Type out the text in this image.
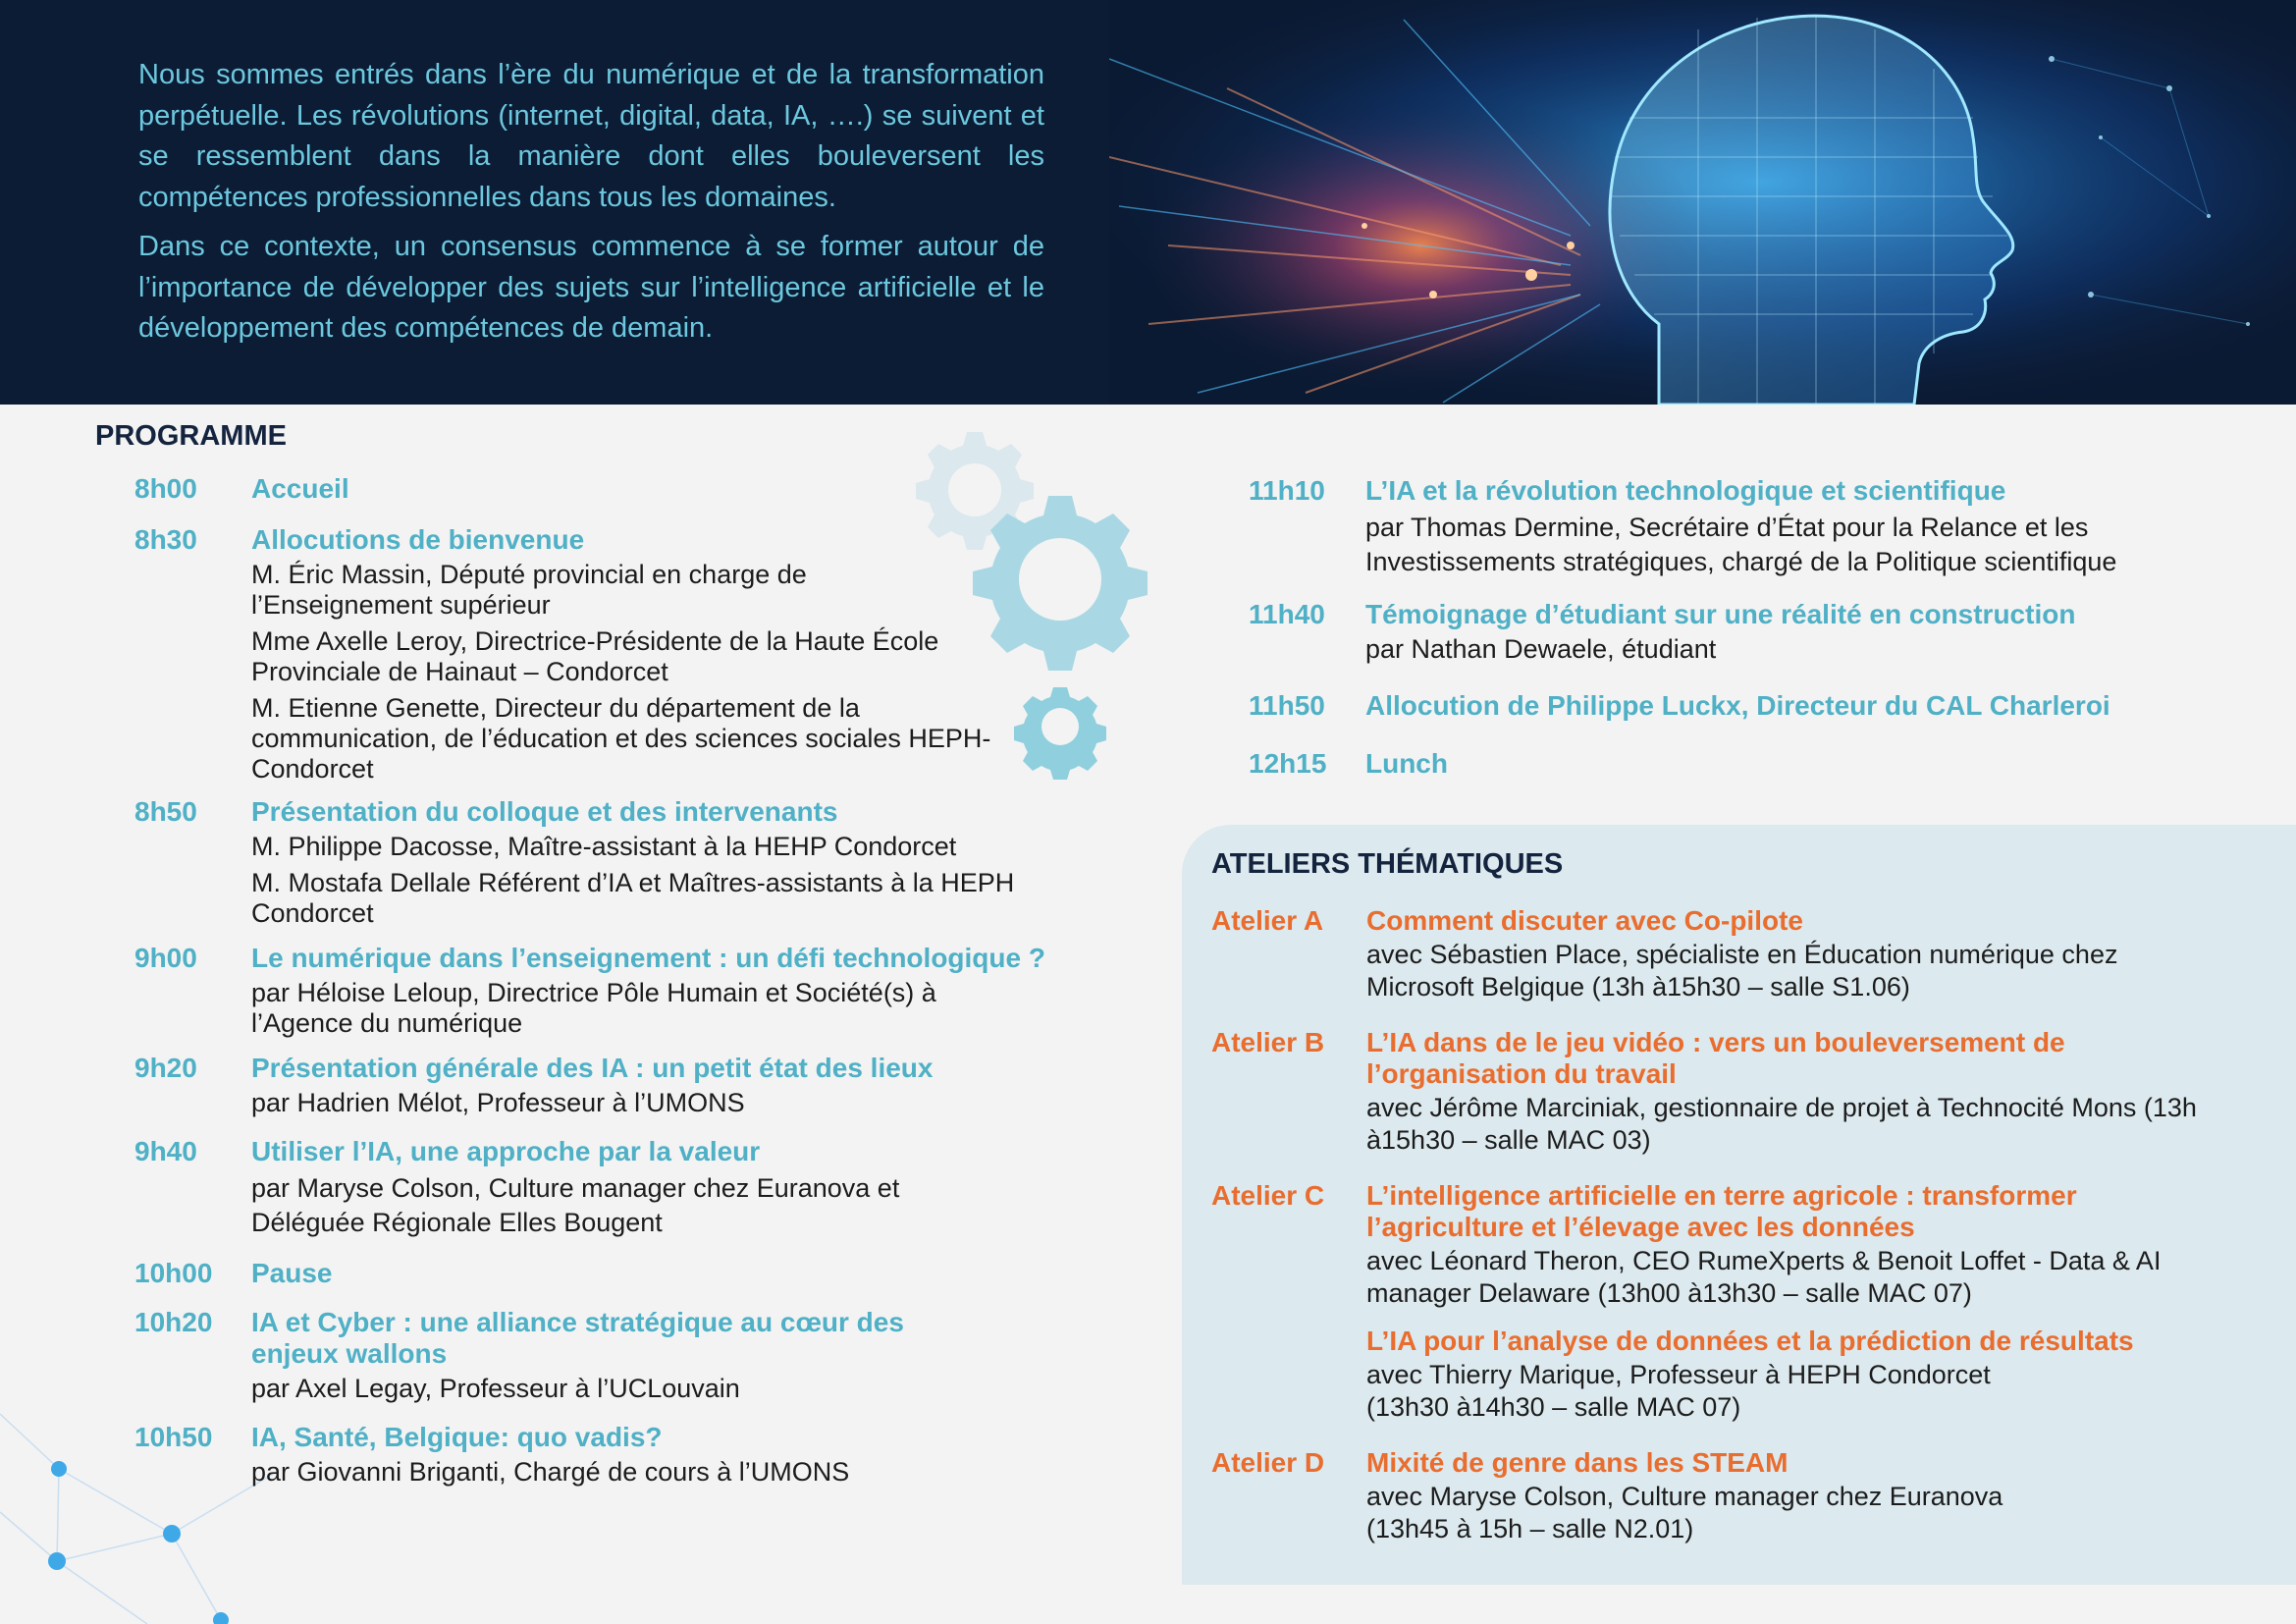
Nous sommes entrés dans l’ère du numérique et de la transformation perpétuelle. Les révolutions (internet, digital, data, IA, ….) se suivent et se ressemblent dans la manière dont elles bouleversent les compétences professionnelles dans tous les domaines.

Dans ce contexte, un consensus commence à se former autour de l’importance de développer des sujets sur l’intelligence artificielle et le développement des compétences de demain.

PROGRAMME
8h00	Accueil
8h30	Allocutions de bienvenue
M. Éric Massin, Député provincial en charge de l’Enseignement supérieur
Mme Axelle Leroy, Directrice-Présidente de la Haute École Provinciale de Hainaut – Condorcet
M. Etienne Genette, Directeur du département de la communication, de l’éducation et des sciences sociales HEPH-Condorcet
8h50	Présentation du colloque et des intervenants
M. Philippe Dacosse, Maître-assistant à la HEHP Condorcet
M. Mostafa Dellale Référent d’IA et Maîtres-assistants à la HEPH Condorcet
9h00	Le numérique dans l’enseignement : un défi technologique ?
par Héloise Leloup, Directrice Pôle Humain et Société(s) à l’Agence du numérique
9h20	Présentation générale des IA : un petit état des lieux
par Hadrien Mélot, Professeur à l’UMONS
9h40	Utiliser l’IA, une approche par la valeur
par Maryse Colson, Culture manager chez Euranova et Déléguée Régionale Elles Bougent
10h00	Pause
10h20	IA et Cyber : une alliance stratégique au cœur des enjeux wallons
par Axel Legay, Professeur à l’UCLouvain
10h50	IA, Santé, Belgique: quo vadis?
par Giovanni Briganti, Chargé de cours à l’UMONS
11h10	L’IA et la révolution technologique et scientifique
par Thomas Dermine, Secrétaire d’État pour la Relance et les Investissements stratégiques, chargé de la Politique scientifique
11h40	Témoignage d’étudiant sur une réalité en construction
par Nathan Dewaele, étudiant
11h50	Allocution de Philippe Luckx, Directeur du CAL Charleroi
12h15	Lunch
ATELIERS THÉMATIQUES
Atelier A	Comment discuter avec Co-pilote
avec Sébastien Place, spécialiste en Éducation numérique chez Microsoft Belgique (13h à15h30 – salle S1.06)
Atelier B	L’IA dans de le jeu vidéo : vers un bouleversement de l’organisation du travail
avec Jérôme Marciniak, gestionnaire de projet à Technocité Mons (13h à15h30 – salle MAC 03)
Atelier C	L’intelligence artificielle en terre agricole : transformer l’agriculture et l’élevage avec les données
avec Léonard Theron, CEO RumeXperts & Benoit Loffet - Data & AI manager Delaware (13h00 à13h30 – salle MAC 07)
L’IA pour l’analyse de données et la prédiction de résultats
avec Thierry Marique, Professeur à HEPH Condorcet (13h30 à14h30 – salle MAC 07)
Atelier D	Mixité de genre dans les STEAM
avec Maryse Colson, Culture manager chez Euranova (13h45 à 15h – salle N2.01)
